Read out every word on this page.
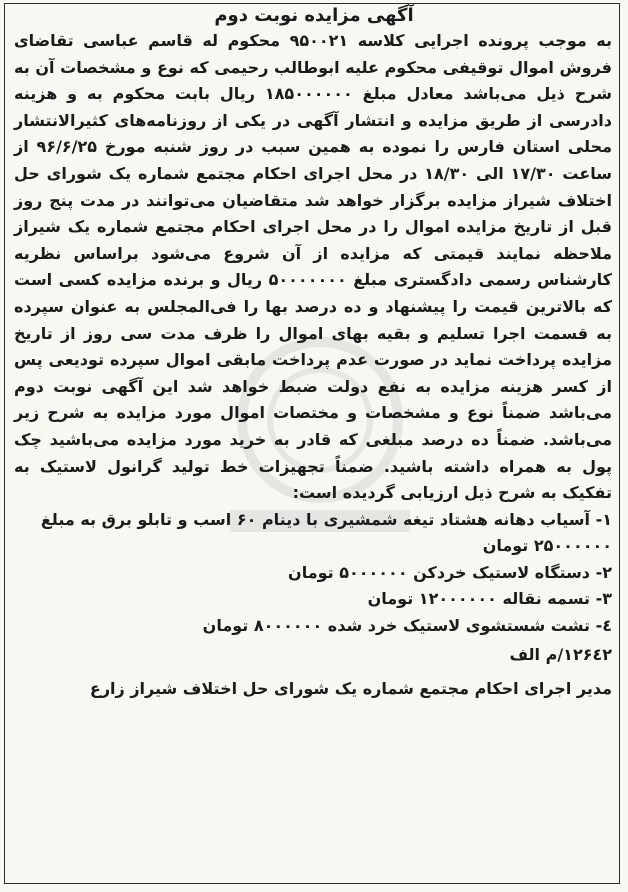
آگهی مزایده نوبت دوم

به موجب پرونده اجرایی کلاسه ۹۵۰۰۲۱ محکوم له قاسم عباسی تقاضای فروش اموال توقیفی محکوم علیه ابوطالب رحیمی که نوع و مشخصات آن به شرح ذیل می‌باشد معادل مبلغ ۱۸۵۰۰۰۰۰۰ ریال بابت محکوم به و هزینه دادرسی از طریق مزایده و انتشار آگهی در یکی از روزنامه‌های کثیرالانتشار محلی استان فارس را نموده به همین سبب در روز شنبه مورخ ۹۶/۶/۲۵ از ساعت ۱۷/۳۰ الی ۱۸/۳۰ در محل اجرای احکام مجتمع شماره یک شورای حل اختلاف شیراز مزایده برگزار خواهد شد متقاضیان می‌توانند در مدت پنج روز قبل از تاریخ مزایده اموال را در محل اجرای احکام مجتمع شماره یک شیراز ملاحظه نمایند قیمتی که مزایده از آن شروع می‌شود براساس نظریه کارشناس رسمی دادگستری مبلغ ۵۰۰۰۰۰۰۰ ریال و برنده مزایده کسی است که بالاترین قیمت را پیشنهاد و ده درصد بها را فی‌المجلس به عنوان سپرده به قسمت اجرا تسلیم و بقیه بهای اموال را ظرف مدت سی روز از تاریخ مزایده پرداخت نماید در صورت عدم پرداخت مابقی اموال سپرده تودیعی پس از کسر هزینه مزایده به نفع دولت ضبط خواهد شد این آگهی نوبت دوم می‌باشد ضمناً نوع و مشخصات و مختصات اموال مورد مزایده به شرح زیر می‌باشد. ضمناً ده درصد مبلغی که قادر به خرید مورد مزایده می‌باشید چک پول به همراه داشته باشید. ضمناً تجهیزات خط تولید گرانول لاستیک به تفکیک به شرح ذیل ارزیابی گردیده است:

۱- آسیاب دهانه هشتاد تیغه شمشیری با دینام ۶۰ اسب و تابلو برق به مبلغ ۲۵۰۰۰۰۰۰ تومان
۲- دستگاه لاستیک خردکن ۵۰۰۰۰۰۰ تومان
۳- تسمه نقاله ۱۲۰۰۰۰۰۰ تومان
٤- تشت شستشوی لاستیک خرد شده ۸۰۰۰۰۰۰ تومان

۱۲۶٤۲/م الف

مدیر اجرای احکام مجتمع شماره یک شورای حل اختلاف شیراز زارع
